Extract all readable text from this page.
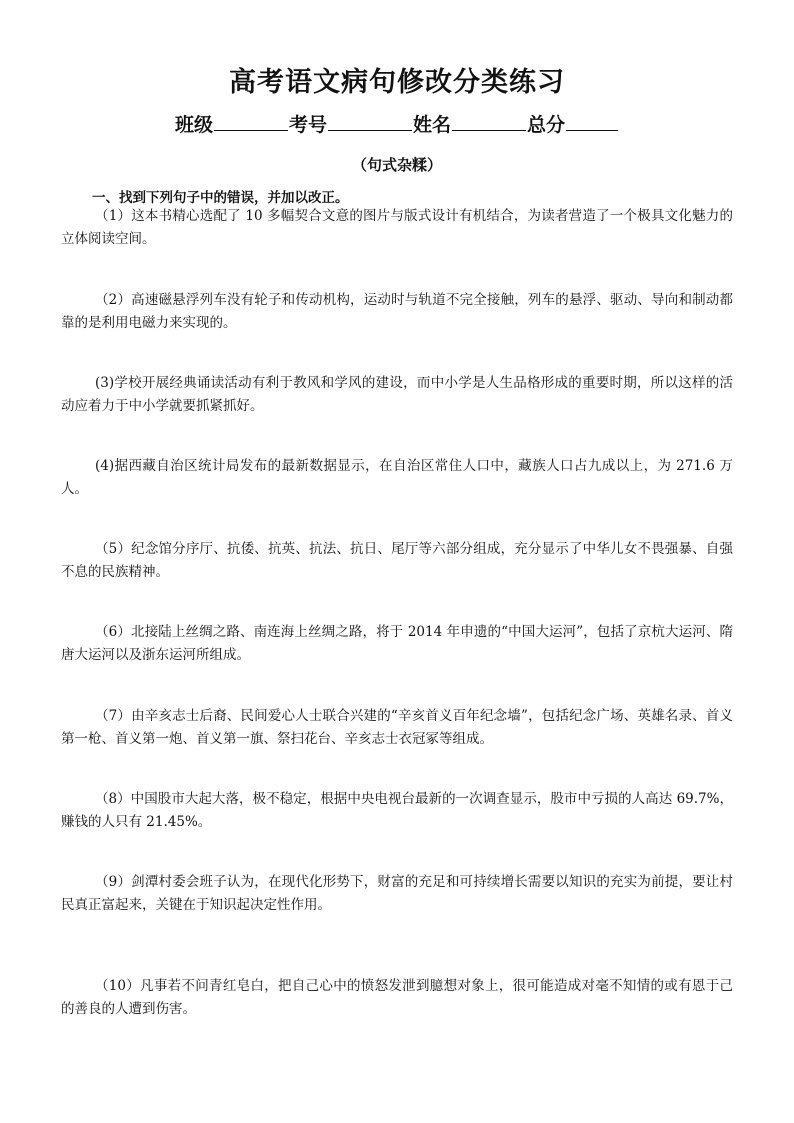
高考语文病句修改分类练习
班级	考号	姓名	总分
（句式杂糅）
一、找到下列句子中的错误，并加以改正。
（1）这本书精心选配了 10 多幅契合文意的图片与版式设计有机结合，为读者营造了一个极具文化魅力的立体阅读空间。
（2）高速磁悬浮列车没有轮子和传动机构，运动时与轨道不完全接触，列车的悬浮、驱动、导向和制动都靠的是利用电磁力来实现的。
(3)学校开展经典诵读活动有利于教风和学风的建设，而中小学是人生品格形成的重要时期，所以这样的活动应着力于中小学就要抓紧抓好。
(4)据西藏自治区统计局发布的最新数据显示，在自治区常住人口中，藏族人口占九成以上，为 271.6 万人。
（5）纪念馆分序厅、抗倭、抗英、抗法、抗日、尾厅等六部分组成，充分显示了中华儿女不畏强暴、自强不息的民族精神。
（6）北接陆上丝绸之路、南连海上丝绸之路，将于 2014 年申遗的“中国大运河”，包括了京杭大运河、隋唐大运河以及浙东运河所组成。
（7）由辛亥志士后裔、民间爱心人士联合兴建的“辛亥首义百年纪念墙”，包括纪念广场、英雄名录、首义第一枪、首义第一炮、首义第一旗、祭扫花台、辛亥志士衣冠冢等组成。
（8）中国股市大起大落，极不稳定，根据中央电视台最新的一次调查显示，股市中亏损的人高达 69.7%，赚钱的人只有 21.45%。
（9）剑潭村委会班子认为，在现代化形势下，财富的充足和可持续增长需要以知识的充实为前提，要让村民真正富起来，关键在于知识起决定性作用。
（10）凡事若不问青红皂白，把自己心中的愤怒发泄到臆想对象上，很可能造成对毫不知情的或有恩于己的善良的人遭到伤害。
